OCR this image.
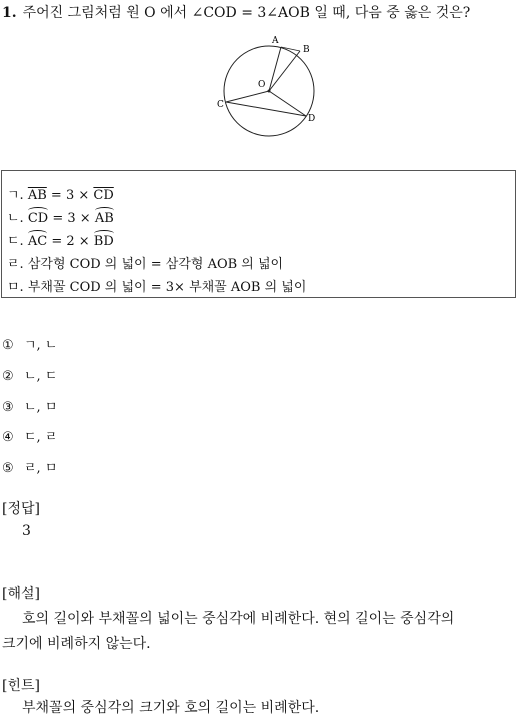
1. 주어진 그림처럼 원 O 에서 ∠COD = 3∠AOB 일 때, 다음 중 옳은 것은?
A
B
O
C
D
ㄱ. $\overline{AB} = 3 \times \overline{CD}$
ㄴ. CD = 3 × AB
ㄷ. AC = 2 × BD
ㄹ. 삼각형 COD 의 넓이 = 삼각형 AOB 의 넓이
ㅁ. 부채꼴 COD 의 넓이 = 3× 부채꼴 AOB 의 넓이
① ㄱ, ㄴ
② ㄴ, ㄷ
③ ㄴ, ㅁ
④ ㄷ, ㄹ
⑤ ㄹ, ㅁ
[정답]
3
[해설]
호의 길이와 부채꼴의 넓이는 중심각에 비례한다. 현의 길이는 중심각의
크기에 비례하지 않는다.
[힌트]
부채꼴의 중심각의 크기와 호의 길이는 비례한다.
